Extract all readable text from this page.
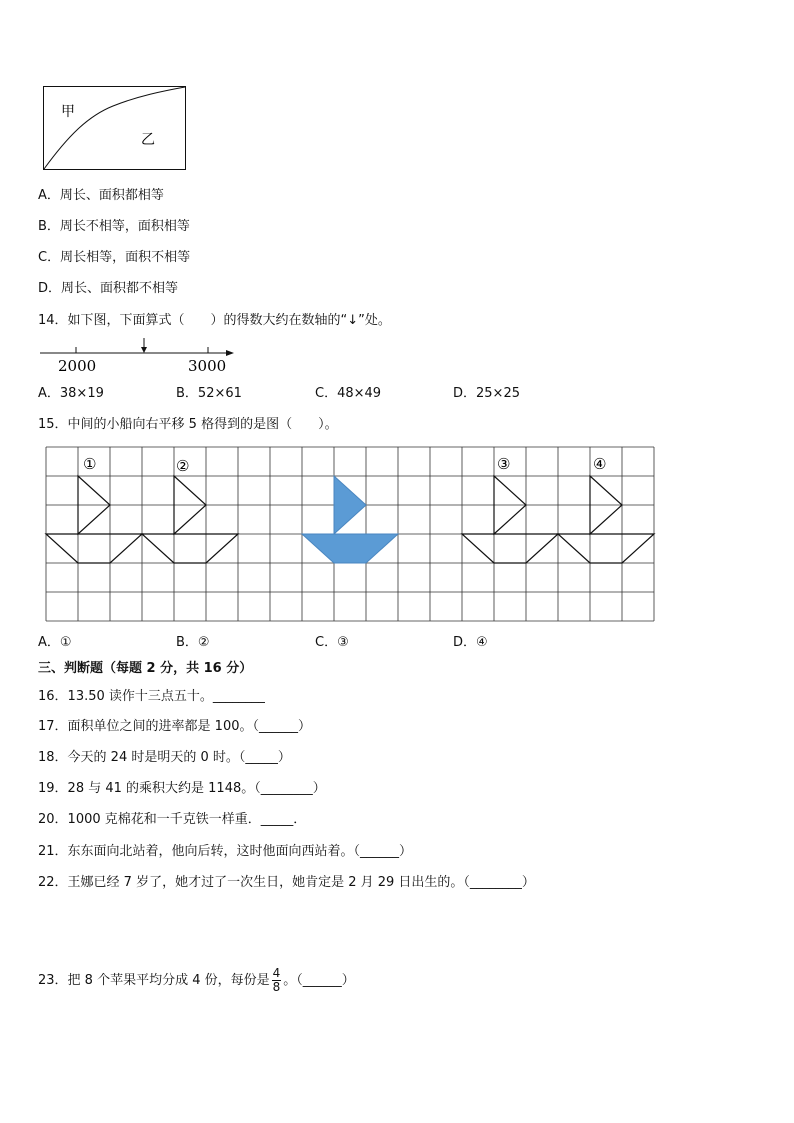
甲
乙
A．周长、面积都相等
B．周长不相等，面积相等
C．周长相等，面积不相等
D．周长、面积都不相等
14．如下图，下面算式（　　）的得数大约在数轴的“↓”处。
2000	3000
A．38×19	B．52×61	C．48×49	D．25×25
15．中间的小船向右平移 5 格得到的是图（　　）。
①	②	③	④
A．①	B．②	C．③	D．④
三、判断题（每题 2 分，共 16 分）
16．13.50 读作十三点五十。________
17．面积单位之间的进率都是 100。（______）
18．今天的 24 时是明天的 0 时。（_____）
19．28 与 41 的乘积大约是 1148。（________）
20．1000 克棉花和一千克铁一样重．_____．
21．东东面向北站着，他向后转，这时他面向西站着。（______）
22．王娜已经 7 岁了，她才过了一次生日，她肯定是 2 月 29 日出生的。（________）
23．把 8 个苹果平均分成 4 份，每份是 $\frac{4}{8}$ 。（______）
